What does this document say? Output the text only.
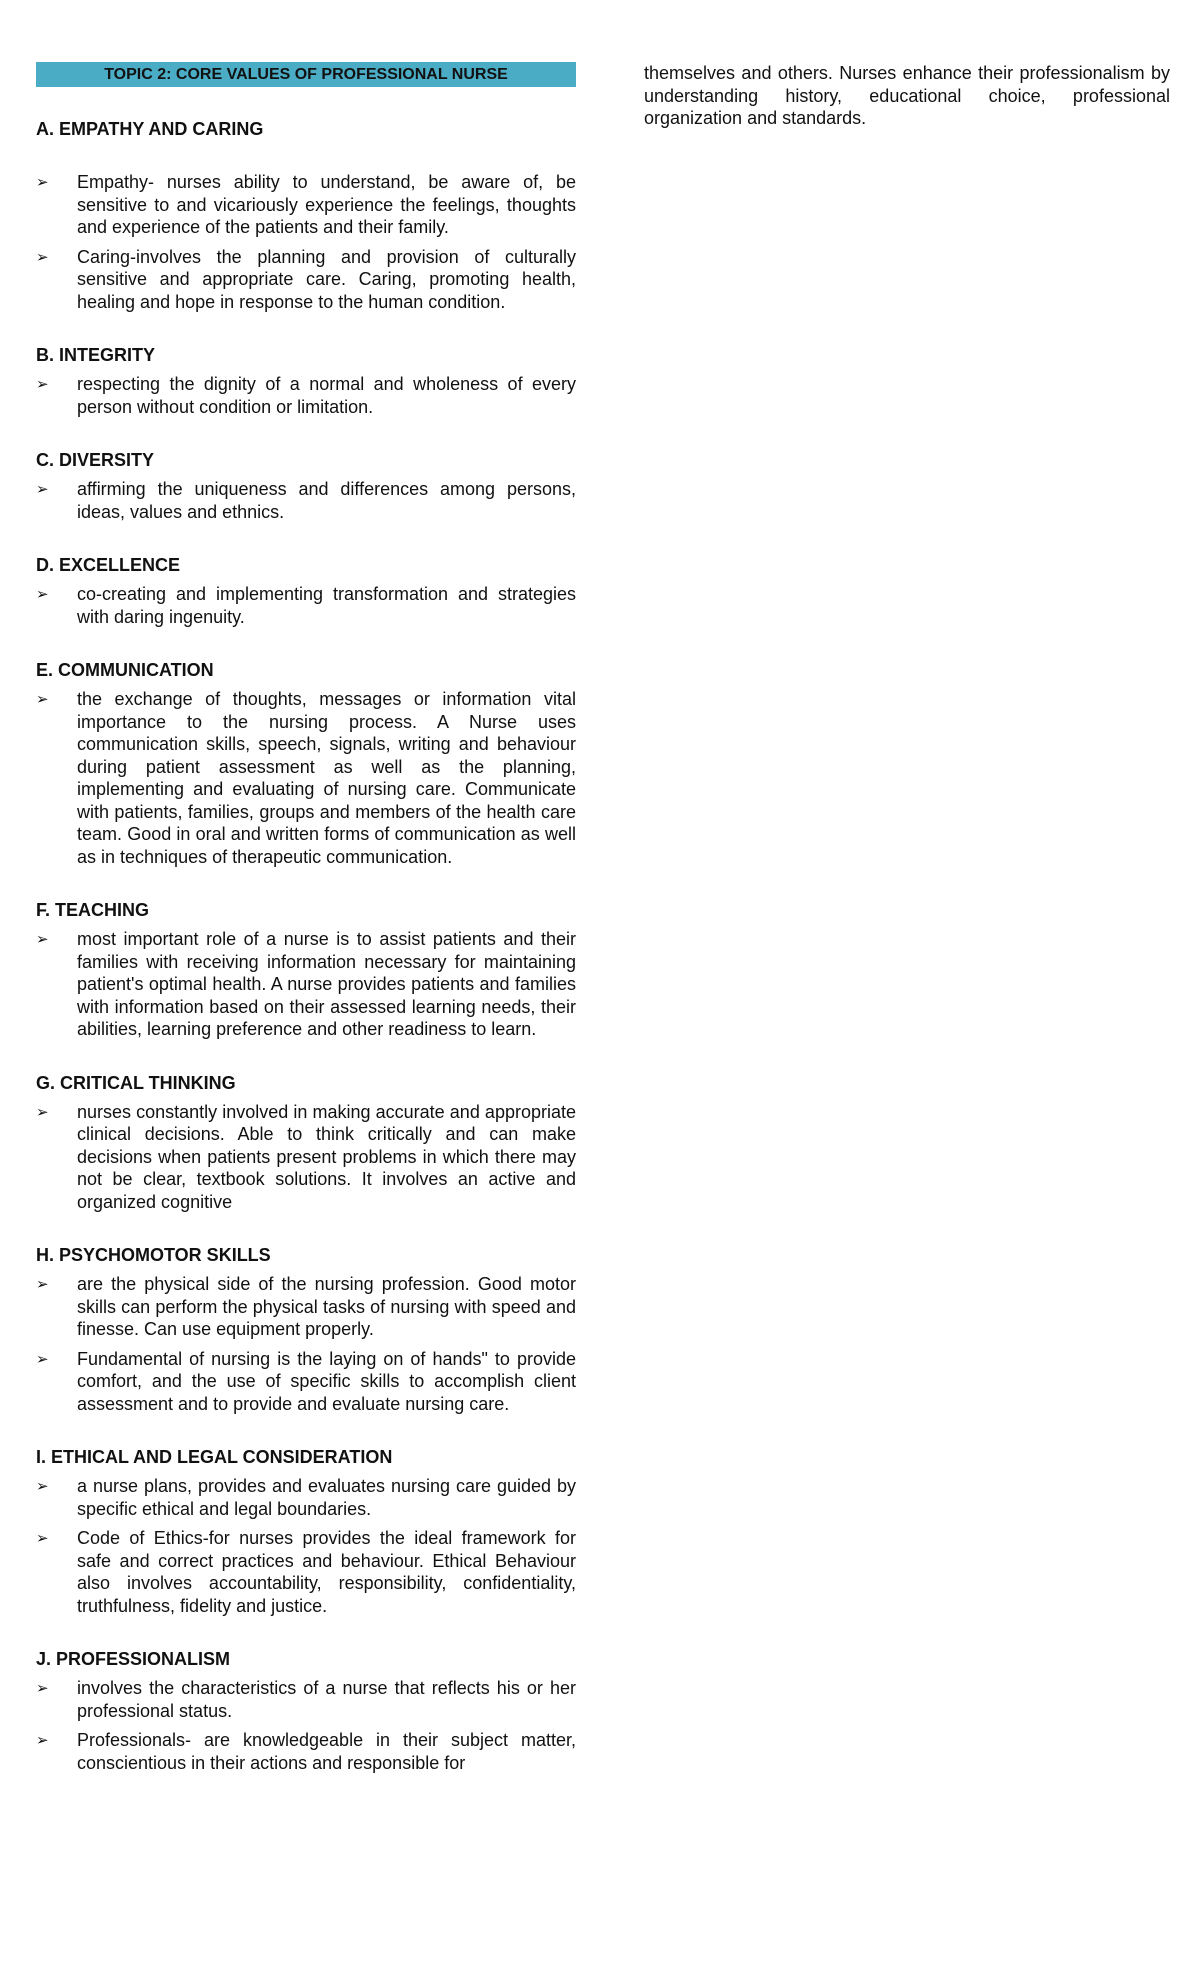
TOPIC 2: CORE VALUES OF PROFESSIONAL NURSE
A. EMPATHY AND CARING
➢ Empathy- nurses ability to understand, be aware of, be sensitive to and vicariously experience the feelings, thoughts and experience of the patients and their family.
➢ Caring-involves the planning and provision of culturally sensitive and appropriate care. Caring, promoting health, healing and hope in response to the human condition.
B. INTEGRITY
➢ respecting the dignity of a normal and wholeness of every person without condition or limitation.
C. DIVERSITY
➢ affirming the uniqueness and differences among persons, ideas, values and ethnics.
D. EXCELLENCE
➢ co-creating and implementing transformation and strategies with daring ingenuity.
E. COMMUNICATION
➢ the exchange of thoughts, messages or information vital importance to the nursing process. A Nurse uses communication skills, speech, signals, writing and behaviour during patient assessment as well as the planning, implementing and evaluating of nursing care. Communicate with patients, families, groups and members of the health care team. Good in oral and written forms of communication as well as in techniques of therapeutic communication.
F. TEACHING
➢ most important role of a nurse is to assist patients and their families with receiving information necessary for maintaining patient's optimal health. A nurse provides patients and families with information based on their assessed learning needs, their abilities, learning preference and other readiness to learn.
G. CRITICAL THINKING
➢ nurses constantly involved in making accurate and appropriate clinical decisions. Able to think critically and can make decisions when patients present problems in which there may not be clear, textbook solutions. It involves an active and organized cognitive
H. PSYCHOMOTOR SKILLS
➢ are the physical side of the nursing profession. Good motor skills can perform the physical tasks of nursing with speed and finesse. Can use equipment properly.
➢ Fundamental of nursing is the laying on of hands" to provide comfort, and the use of specific skills to accomplish client assessment and to provide and evaluate nursing care.
I. ETHICAL AND LEGAL CONSIDERATION
➢ a nurse plans, provides and evaluates nursing care guided by specific ethical and legal boundaries.
➢ Code of Ethics-for nurses provides the ideal framework for safe and correct practices and behaviour. Ethical Behaviour also involves accountability, responsibility, confidentiality, truthfulness, fidelity and justice.
J. PROFESSIONALISM
➢ involves the characteristics of a nurse that reflects his or her professional status.
➢ Professionals- are knowledgeable in their subject matter, conscientious in their actions and responsible for
themselves and others. Nurses enhance their professionalism by understanding history, educational choice, professional organization and standards.
